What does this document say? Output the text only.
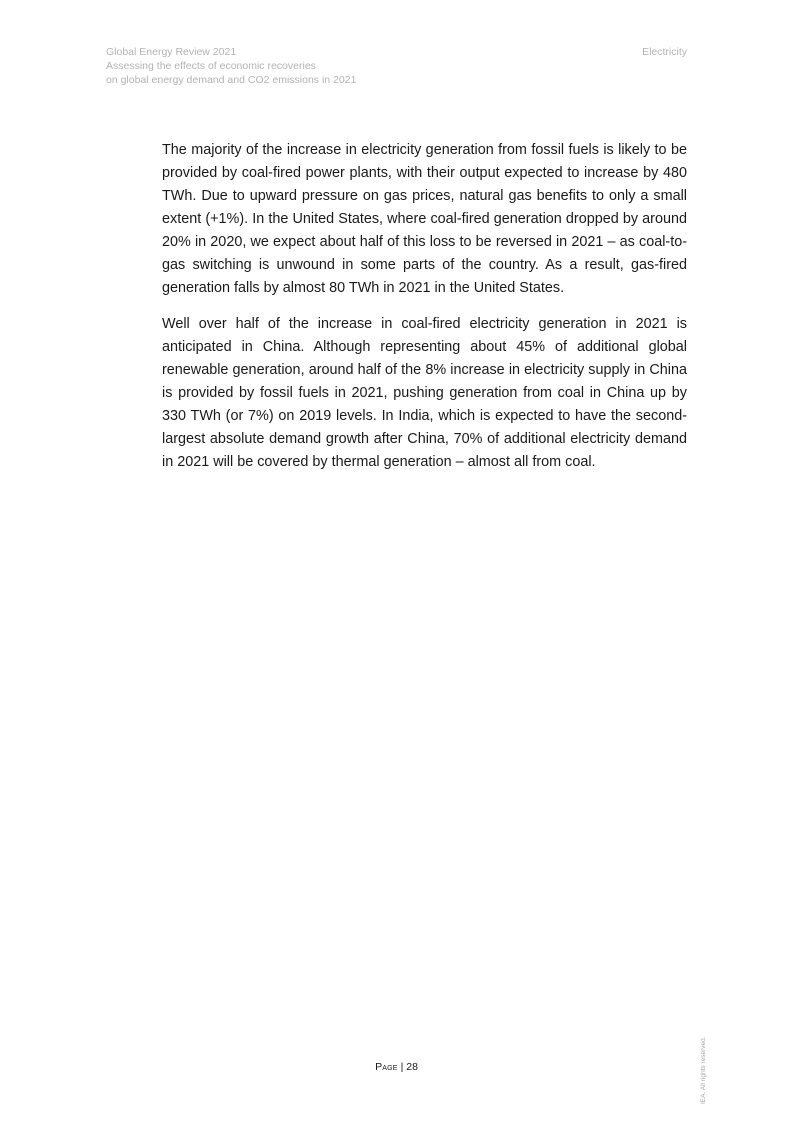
Global Energy Review 2021
Assessing the effects of economic recoveries
on global energy demand and CO2 emissions in 2021
Electricity

The majority of the increase in electricity generation from fossil fuels is likely to be provided by coal-fired power plants, with their output expected to increase by 480 TWh. Due to upward pressure on gas prices, natural gas benefits to only a small extent (+1%). In the United States, where coal-fired generation dropped by around 20% in 2020, we expect about half of this loss to be reversed in 2021 – as coal-to-gas switching is unwound in some parts of the country. As a result, gas-fired generation falls by almost 80 TWh in 2021 in the United States.

Well over half of the increase in coal-fired electricity generation in 2021 is anticipated in China. Although representing about 45% of additional global renewable generation, around half of the 8% increase in electricity supply in China is provided by fossil fuels in 2021, pushing generation from coal in China up by 330 TWh (or 7%) on 2019 levels. In India, which is expected to have the second-largest absolute demand growth after China, 70% of additional electricity demand in 2021 will be covered by thermal generation – almost all from coal.

Page | 28	IEA. All rights reserved.
